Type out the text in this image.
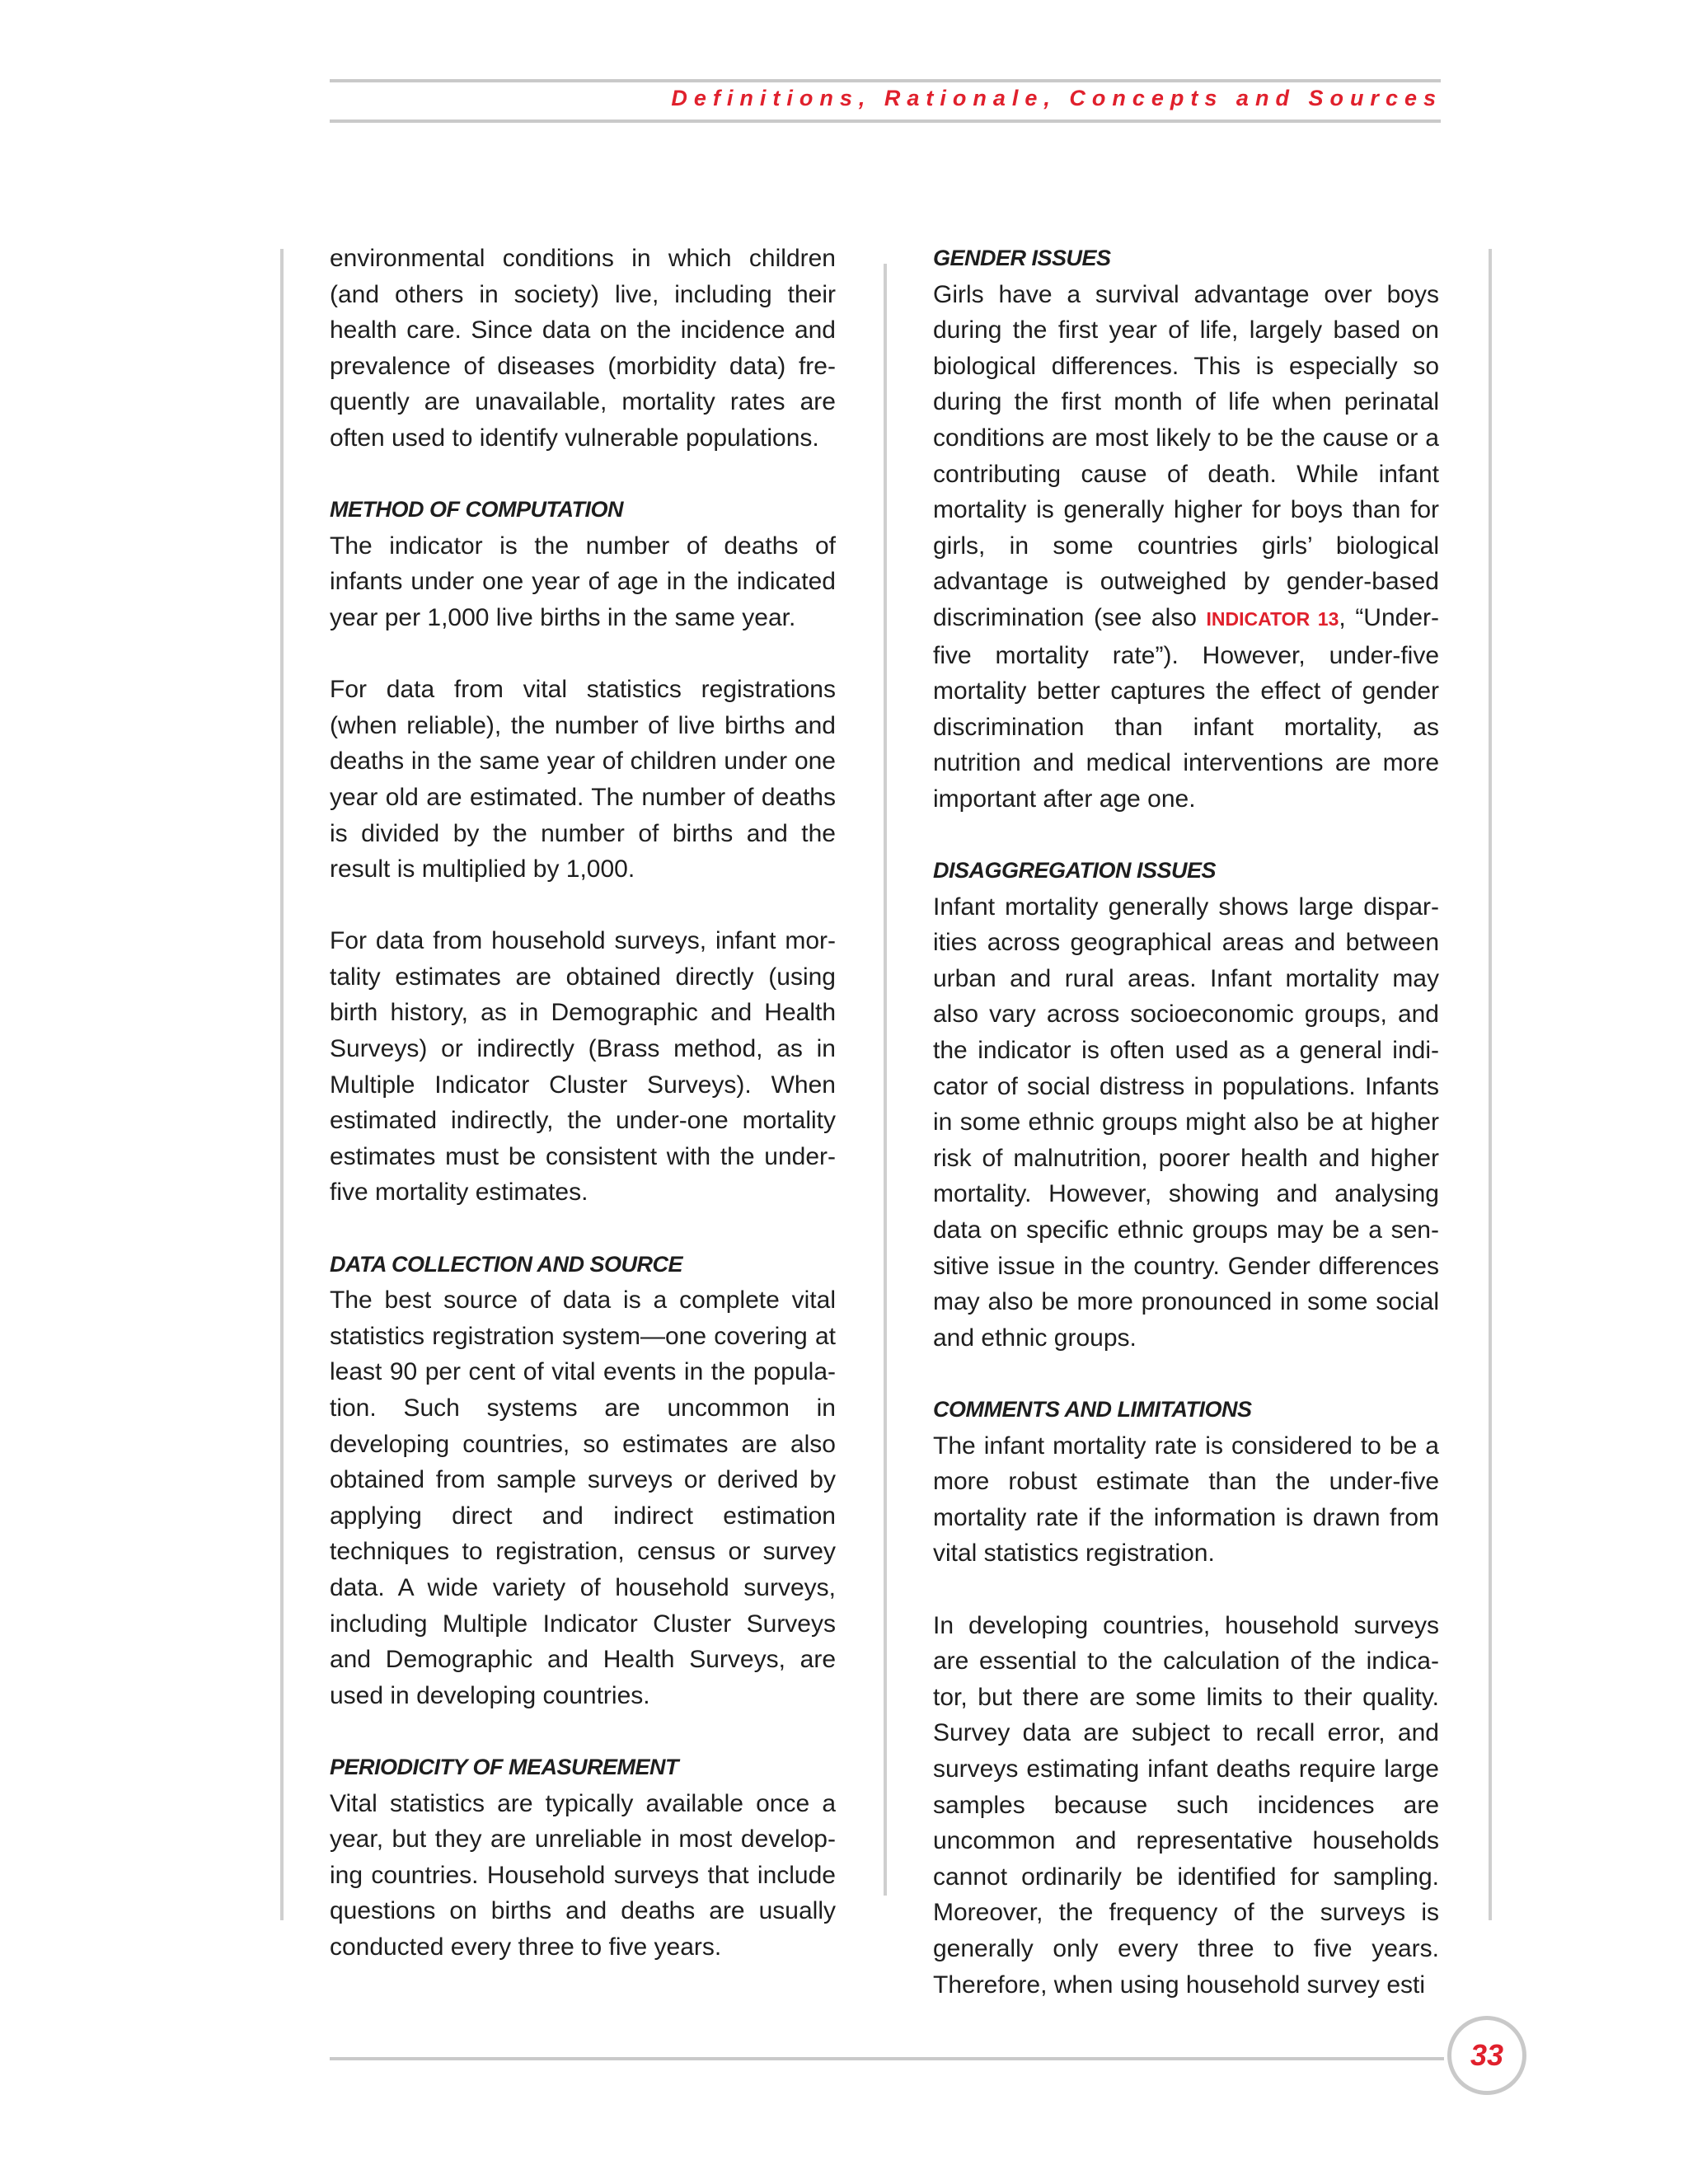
Definitions, Rationale, Concepts and Sources

environmental conditions in which children (and others in society) live, including their health care. Since data on the incidence and prevalence of diseases (morbidity data) frequently are unavailable, mortality rates are often used to identify vulnerable populations.

METHOD OF COMPUTATION

The indicator is the number of deaths of infants under one year of age in the indicated year per 1,000 live births in the same year.

For data from vital statistics registrations (when reliable), the number of live births and deaths in the same year of children under one year old are estimated. The number of deaths is divided by the number of births and the result is multiplied by 1,000.

For data from household surveys, infant mortality estimates are obtained directly (using birth history, as in Demographic and Health Surveys) or indirectly (Brass method, as in Multiple Indicator Cluster Surveys). When estimated indirectly, the under-one mortality estimates must be consistent with the under-five mortality estimates.

DATA COLLECTION AND SOURCE

The best source of data is a complete vital statistics registration system—one covering at least 90 per cent of vital events in the population. Such systems are uncommon in developing countries, so estimates are also obtained from sample surveys or derived by applying direct and indirect estimation techniques to registration, census or survey data. A wide variety of household surveys, including Multiple Indicator Cluster Surveys and Demographic and Health Surveys, are used in developing countries.

PERIODICITY OF MEASUREMENT

Vital statistics are typically available once a year, but they are unreliable in most developing countries. Household surveys that include questions on births and deaths are usually conducted every three to five years.

GENDER ISSUES

Girls have a survival advantage over boys during the first year of life, largely based on biological differences. This is especially so during the first month of life when perinatal conditions are most likely to be the cause or a contributing cause of death. While infant mortality is generally higher for boys than for girls, in some countries girls’ biological advantage is outweighed by gender-based discrimination (see also INDICATOR 13, “Under-five mortality rate”). However, under-five mortality better captures the effect of gender discrimination than infant mortality, as nutrition and medical interventions are more important after age one.

DISAGGREGATION ISSUES

Infant mortality generally shows large disparities across geographical areas and between urban and rural areas. Infant mortality may also vary across socioeconomic groups, and the indicator is often used as a general indicator of social distress in populations. Infants in some ethnic groups might also be at higher risk of malnutrition, poorer health and higher mortality. However, showing and analysing data on specific ethnic groups may be a sensitive issue in the country. Gender differences may also be more pronounced in some social and ethnic groups.

COMMENTS AND LIMITATIONS

The infant mortality rate is considered to be a more robust estimate than the under-five mortality rate if the information is drawn from vital statistics registration.

In developing countries, household surveys are essential to the calculation of the indicator, but there are some limits to their quality. Survey data are subject to recall error, and surveys estimating infant deaths require large samples because such incidences are uncommon and representative households cannot ordinarily be identified for sampling. Moreover, the frequency of the surveys is generally only every three to five years. Therefore, when using household survey esti

33
